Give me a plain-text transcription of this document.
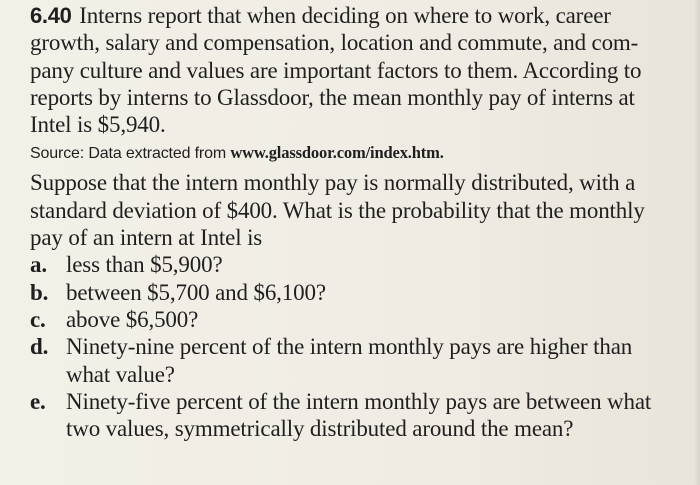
6.40 Interns report that when deciding on where to work, career growth, salary and compensation, location and commute, and com-pany culture and values are important factors to them. According to reports by interns to Glassdoor, the mean monthly pay of interns at Intel is $5,940.

Source: Data extracted from www.glassdoor.com/index.htm.

Suppose that the intern monthly pay is normally distributed, with a standard deviation of $400. What is the probability that the monthly pay of an intern at Intel is

a. less than $5,900?
b. between $5,700 and $6,100?
c. above $6,500?
d. Ninety-nine percent of the intern monthly pays are higher than what value?
e. Ninety-five percent of the intern monthly pays are between what two values, symmetrically distributed around the mean?
